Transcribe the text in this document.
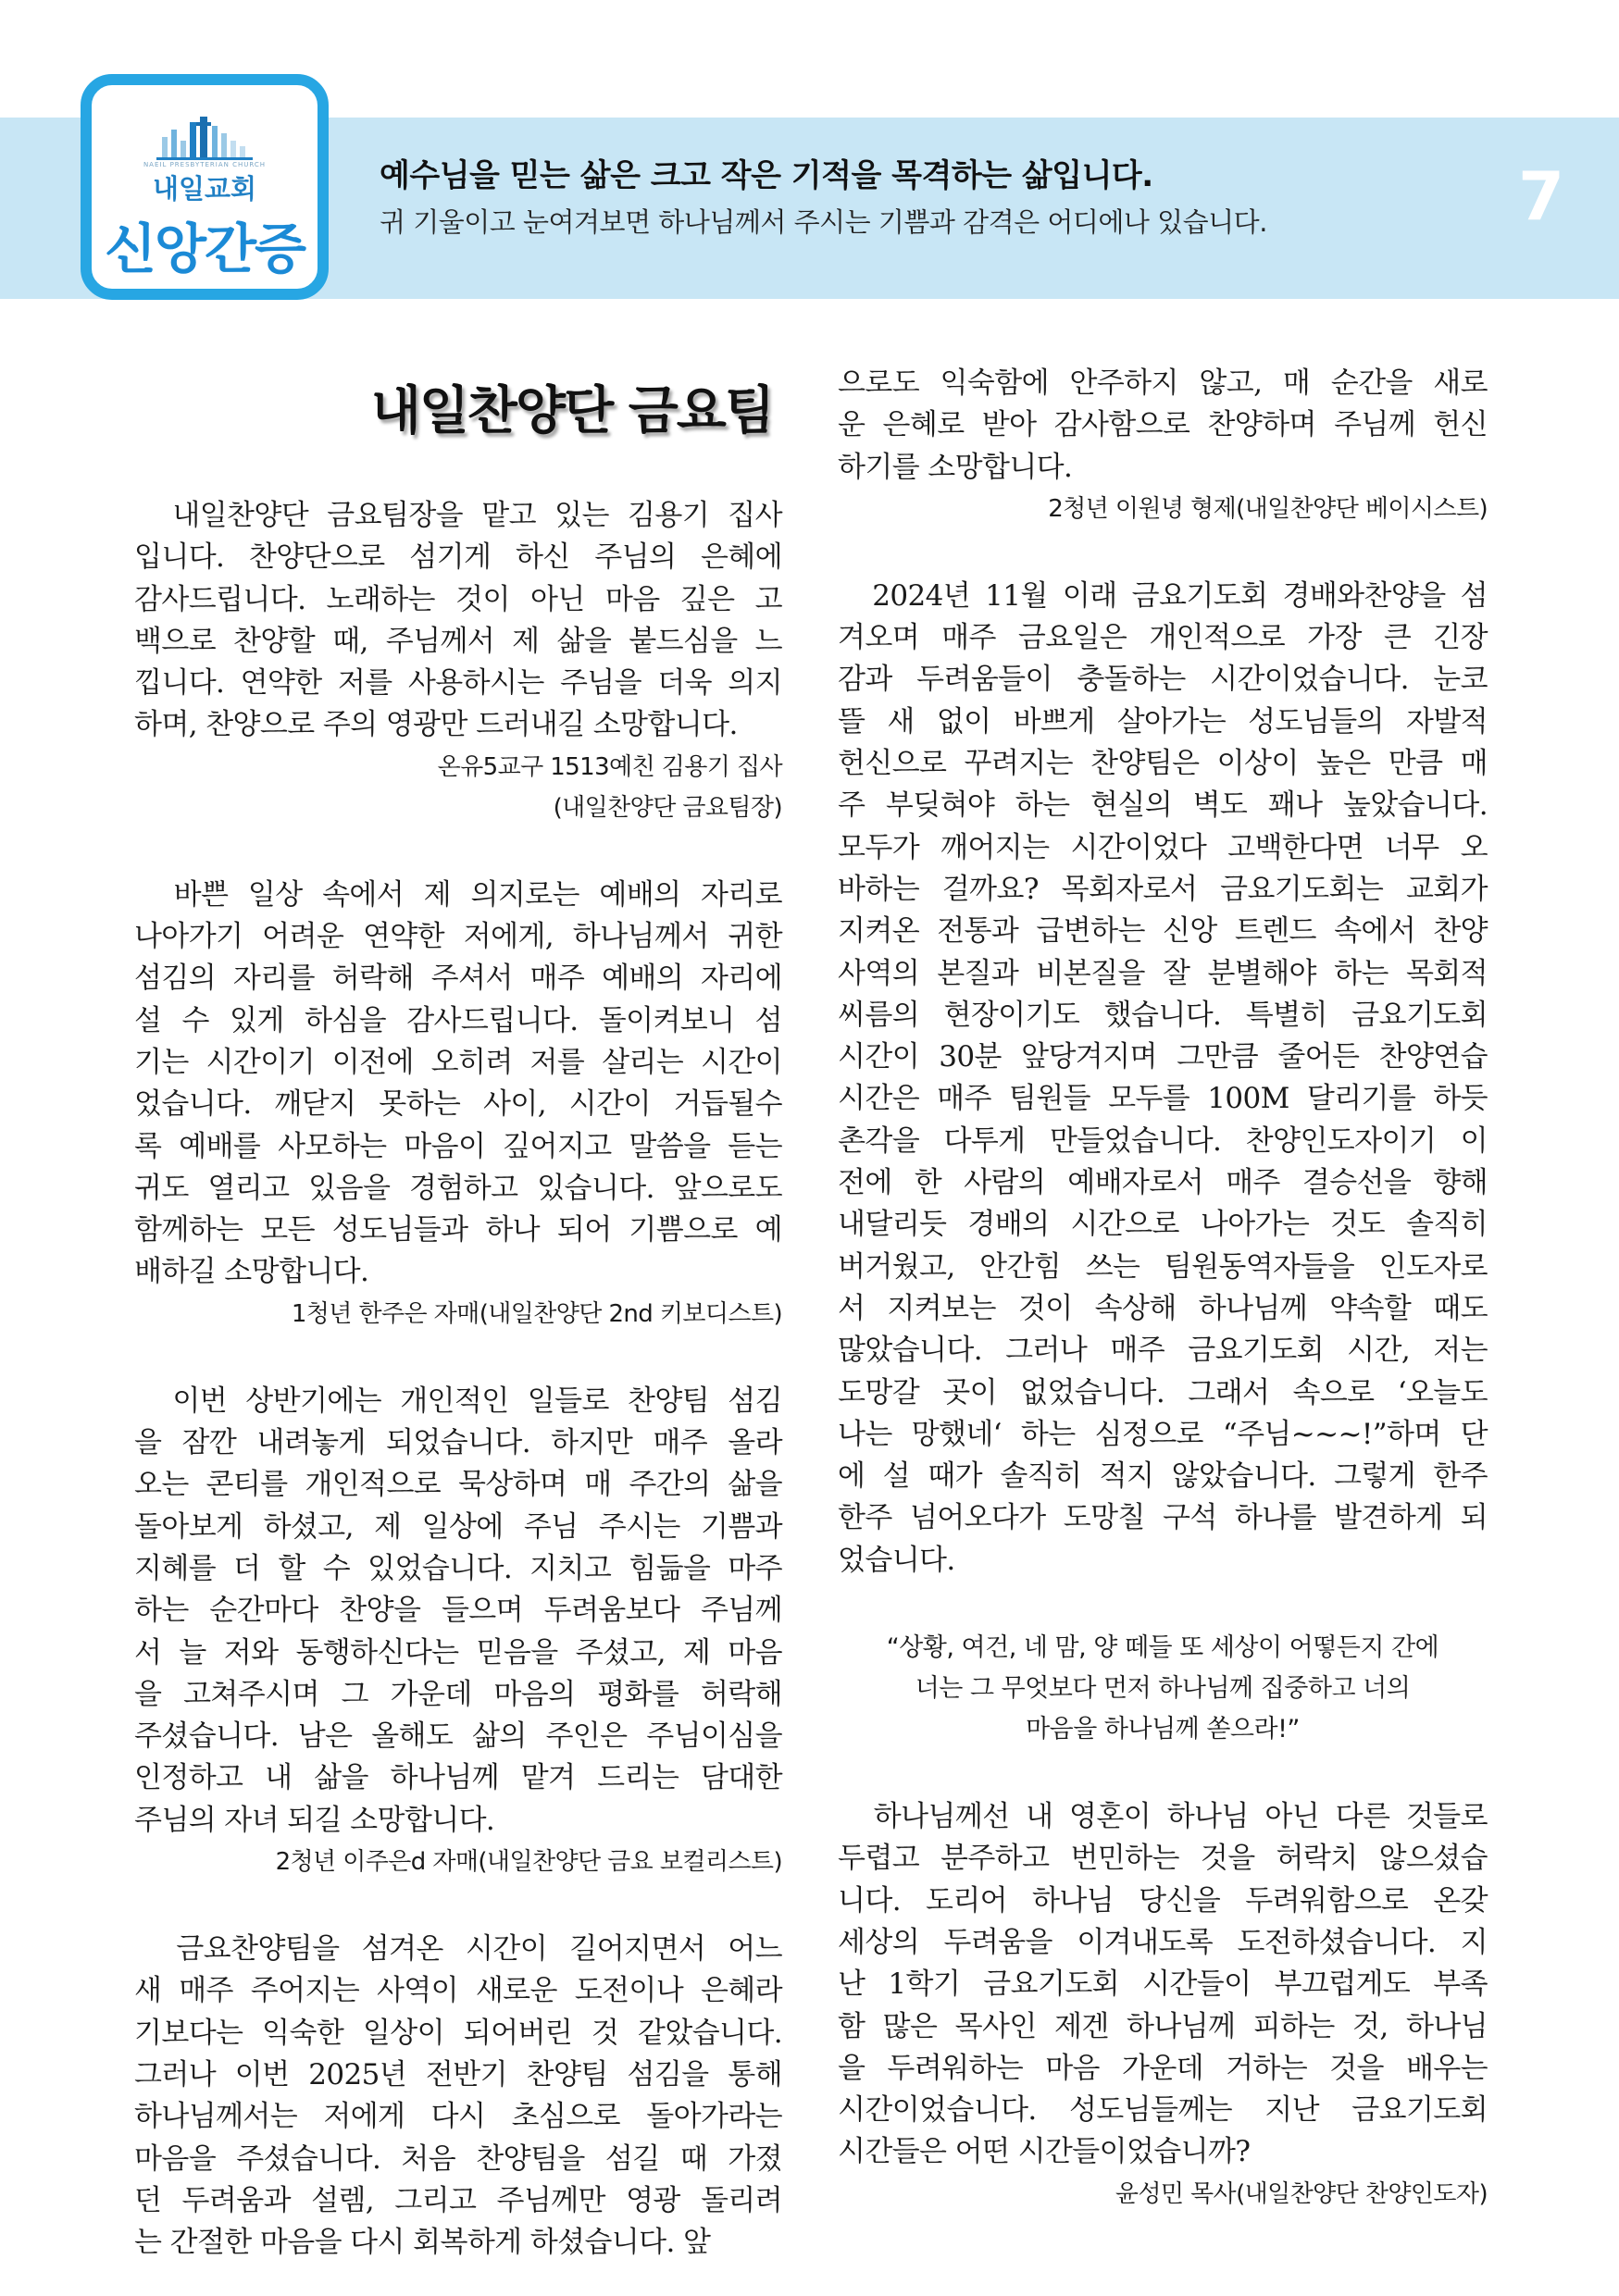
NAEIL PRESBYTERIAN CHURCH
내일교회
신앙간증
예수님을 믿는 삶은 크고 작은 기적을 목격하는 삶입니다.
귀 기울이고 눈여겨보면 하나님께서 주시는 기쁨과 감격은 어디에나 있습니다.	7
내일찬양단 금요팀
　내일찬양단 금요팀장을 맡고 있는 김용기 집사
입니다. 찬양단으로 섬기게 하신 주님의 은혜에
감사드립니다. 노래하는 것이 아닌 마음 깊은 고
백으로 찬양할 때, 주님께서 제 삶을 붙드심을 느
낍니다. 연약한 저를 사용하시는 주님을 더욱 의지
하며, 찬양으로 주의 영광만 드러내길 소망합니다.
온유5교구 1513예친 김용기 집사
(내일찬양단 금요팀장)
　바쁜 일상 속에서 제 의지로는 예배의 자리로
나아가기 어려운 연약한 저에게, 하나님께서 귀한
섬김의 자리를 허락해 주셔서 매주 예배의 자리에
설 수 있게 하심을 감사드립니다. 돌이켜보니 섬
기는 시간이기 이전에 오히려 저를 살리는 시간이
었습니다. 깨닫지 못하는 사이, 시간이 거듭될수
록 예배를 사모하는 마음이 깊어지고 말씀을 듣는
귀도 열리고 있음을 경험하고 있습니다. 앞으로도
함께하는 모든 성도님들과 하나 되어 기쁨으로 예
배하길 소망합니다.
1청년 한주은 자매(내일찬양단 2nd 키보디스트)
　이번 상반기에는 개인적인 일들로 찬양팀 섬김
을 잠깐 내려놓게 되었습니다. 하지만 매주 올라
오는 콘티를 개인적으로 묵상하며 매 주간의 삶을
돌아보게 하셨고, 제 일상에 주님 주시는 기쁨과
지혜를 더 할 수 있었습니다. 지치고 힘듦을 마주
하는 순간마다 찬양을 들으며 두려움보다 주님께
서 늘 저와 동행하신다는 믿음을 주셨고, 제 마음
을 고쳐주시며 그 가운데 마음의 평화를 허락해
주셨습니다. 남은 올해도 삶의 주인은 주님이심을
인정하고 내 삶을 하나님께 맡겨 드리는 담대한
주님의 자녀 되길 소망합니다.
2청년 이주은d 자매(내일찬양단 금요 보컬리스트)
　금요찬양팀을 섬겨온 시간이 길어지면서 어느
새 매주 주어지는 사역이 새로운 도전이나 은혜라
기보다는 익숙한 일상이 되어버린 것 같았습니다.
그러나 이번 2025년 전반기 찬양팀 섬김을 통해
하나님께서는 저에게 다시 초심으로 돌아가라는
마음을 주셨습니다. 처음 찬양팀을 섬길 때 가졌
던 두려움과 설렘, 그리고 주님께만 영광 돌리려
는 간절한 마음을 다시 회복하게 하셨습니다. 앞
으로도 익숙함에 안주하지 않고, 매 순간을 새로
운 은혜로 받아 감사함으로 찬양하며 주님께 헌신
하기를 소망합니다.
2청년 이원녕 형제(내일찬양단 베이시스트)
　2024년 11월 이래 금요기도회 경배와찬양을 섬
겨오며 매주 금요일은 개인적으로 가장 큰 긴장
감과 두려움들이 충돌하는 시간이었습니다. 눈코
뜰 새 없이 바쁘게 살아가는 성도님들의 자발적
헌신으로 꾸려지는 찬양팀은 이상이 높은 만큼 매
주 부딪혀야 하는 현실의 벽도 꽤나 높았습니다.
모두가 깨어지는 시간이었다 고백한다면 너무 오
바하는 걸까요? 목회자로서 금요기도회는 교회가
지켜온 전통과 급변하는 신앙 트렌드 속에서 찬양
사역의 본질과 비본질을 잘 분별해야 하는 목회적
씨름의 현장이기도 했습니다. 특별히 금요기도회
시간이 30분 앞당겨지며 그만큼 줄어든 찬양연습
시간은 매주 팀원들 모두를 100M 달리기를 하듯
촌각을 다투게 만들었습니다. 찬양인도자이기 이
전에 한 사람의 예배자로서 매주 결승선을 향해
내달리듯 경배의 시간으로 나아가는 것도 솔직히
버거웠고, 안간힘 쓰는 팀원동역자들을 인도자로
서 지켜보는 것이 속상해 하나님께 약속할 때도
많았습니다. 그러나 매주 금요기도회 시간, 저는
도망갈 곳이 없었습니다. 그래서 속으로 ‘오늘도
나는 망했네‘ 하는 심정으로 “주님~~~!”하며 단
에 설 때가 솔직히 적지 않았습니다. 그렇게 한주
한주 넘어오다가 도망칠 구석 하나를 발견하게 되
었습니다.
“상황, 여건, 네 맘, 양 떼들 또 세상이 어떻든지 간에
너는 그 무엇보다 먼저 하나님께 집중하고 너의
마음을 하나님께 쏟으라!”
　하나님께선 내 영혼이 하나님 아닌 다른 것들로
두렵고 분주하고 번민하는 것을 허락치 않으셨습
니다. 도리어 하나님 당신을 두려워함으로 온갖
세상의 두려움을 이겨내도록 도전하셨습니다. 지
난 1학기 금요기도회 시간들이 부끄럽게도 부족
함 많은 목사인 제겐 하나님께 피하는 것, 하나님
을 두려워하는 마음 가운데 거하는 것을 배우는
시간이었습니다. 성도님들께는 지난 금요기도회
시간들은 어떤 시간들이었습니까?
윤성민 목사(내일찬양단 찬양인도자)
